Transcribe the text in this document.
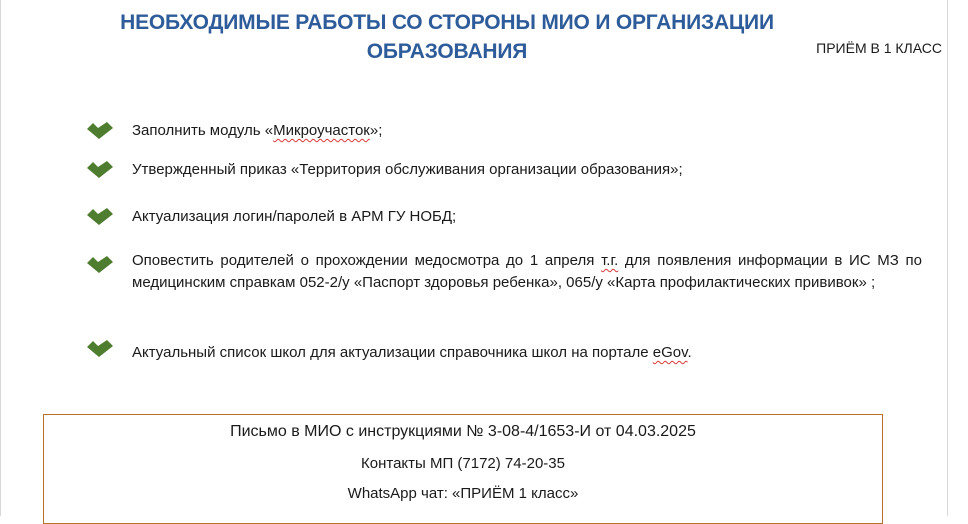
НЕОБХОДИМЫЕ РАБОТЫ СО СТОРОНЫ МИО И ОРГАНИЗАЦИИ
ОБРАЗОВАНИЯ	ПРИЁМ В 1 КЛАСС
Заполнить модуль «Микроучасток»;
Утвержденный приказ «Территория обслуживания организации образования»;
Актуализация логин/паролей в АРМ ГУ НОБД;
Оповестить родителей о прохождении медосмотра до 1 апреля т.г. для появления информации в ИС МЗ по медицинским справкам 052-2/у «Паспорт здоровья ребенка», 065/у «Карта профилактических прививок» ;
Актуальный список школ для актуализации справочника школ на портале eGov.
Письмо в МИО с инструкциями № 3-08-4/1653-И от 04.03.2025
Контакты МП (7172) 74-20-35
WhatsApp чат: «ПРИЁМ 1 класс»
